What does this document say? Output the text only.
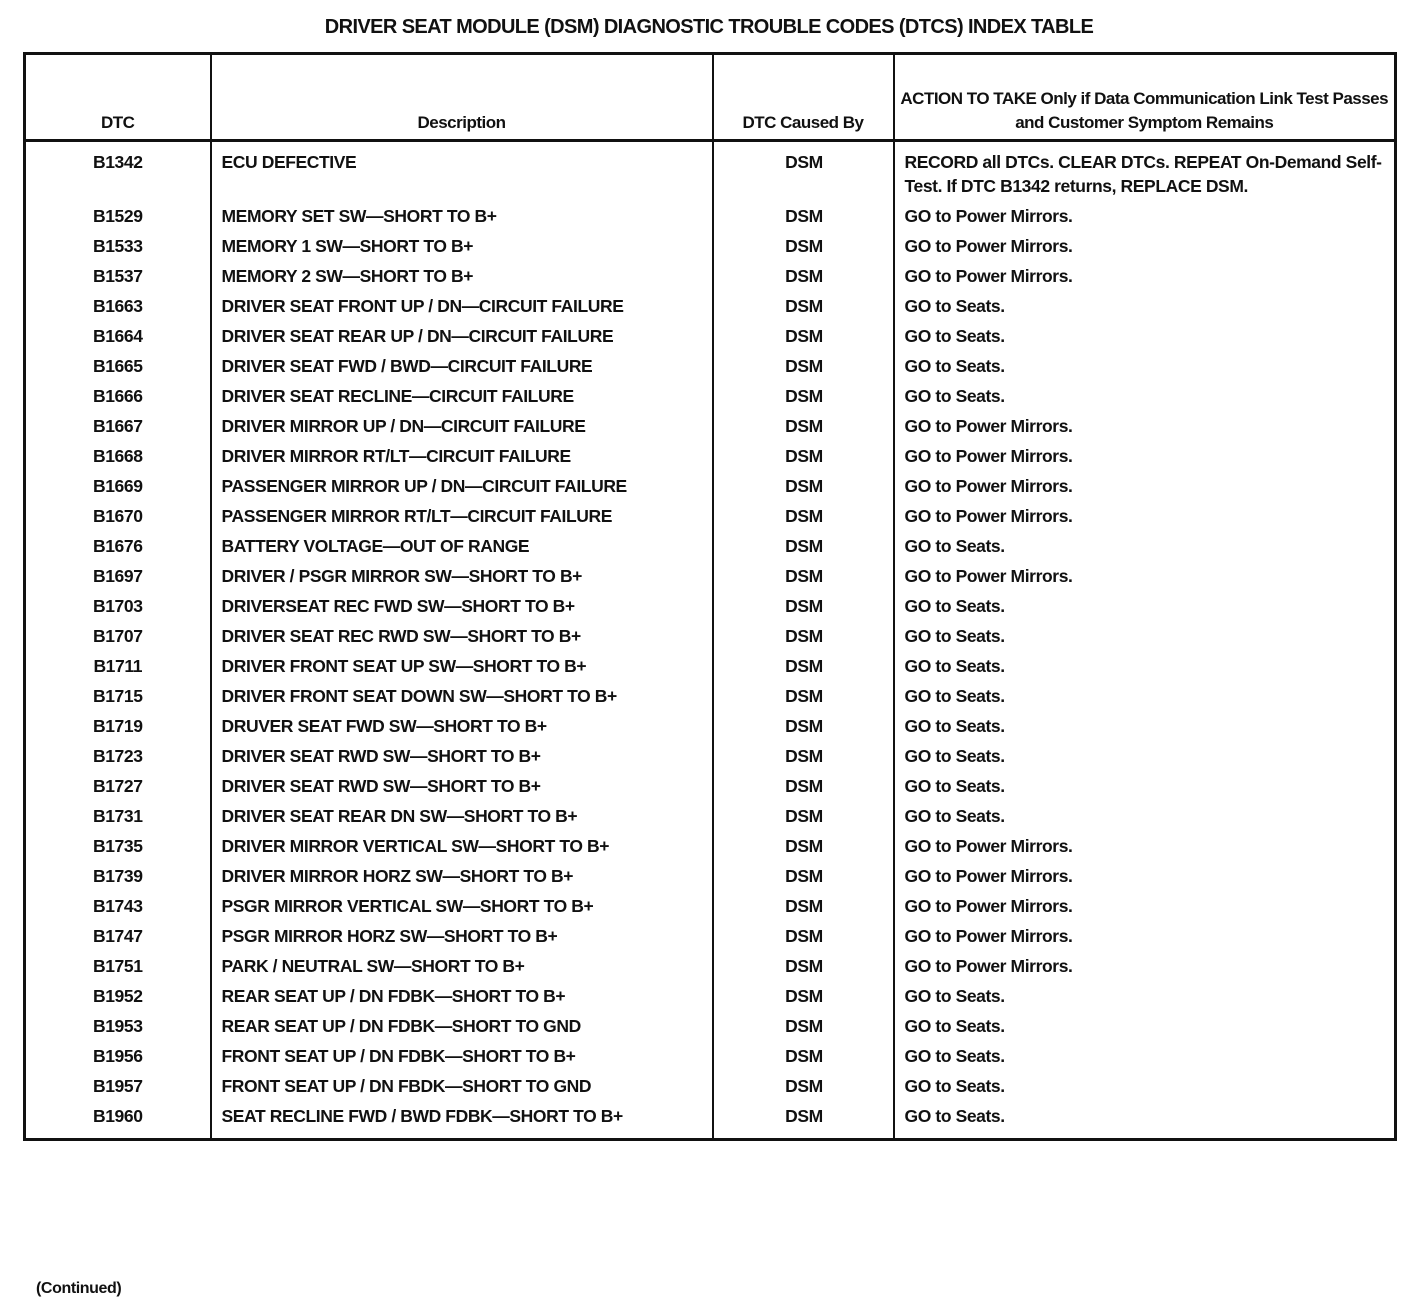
DRIVER SEAT MODULE (DSM) DIAGNOSTIC TROUBLE CODES (DTCS) INDEX TABLE
DTC	Description	DTC Caused By	ACTION TO TAKE Only if Data Communication Link Test Passes and Customer Symptom Remains
B1342	ECU DEFECTIVE	DSM	RECORD all DTCs. CLEAR DTCs. REPEAT On-Demand Self-Test. If DTC B1342 returns, REPLACE DSM.
B1529	MEMORY SET SW—SHORT TO B+	DSM	GO to Power Mirrors.
B1533	MEMORY 1 SW—SHORT TO B+	DSM	GO to Power Mirrors.
B1537	MEMORY 2 SW—SHORT TO B+	DSM	GO to Power Mirrors.
B1663	DRIVER SEAT FRONT UP / DN—CIRCUIT FAILURE	DSM	GO to Seats.
B1664	DRIVER SEAT REAR UP / DN—CIRCUIT FAILURE	DSM	GO to Seats.
B1665	DRIVER SEAT FWD / BWD—CIRCUIT FAILURE	DSM	GO to Seats.
B1666	DRIVER SEAT RECLINE—CIRCUIT FAILURE	DSM	GO to Seats.
B1667	DRIVER MIRROR UP / DN—CIRCUIT FAILURE	DSM	GO to Power Mirrors.
B1668	DRIVER MIRROR RT/LT—CIRCUIT FAILURE	DSM	GO to Power Mirrors.
B1669	PASSENGER MIRROR UP / DN—CIRCUIT FAILURE	DSM	GO to Power Mirrors.
B1670	PASSENGER MIRROR RT/LT—CIRCUIT FAILURE	DSM	GO to Power Mirrors.
B1676	BATTERY VOLTAGE—OUT OF RANGE	DSM	GO to Seats.
B1697	DRIVER / PSGR MIRROR SW—SHORT TO B+	DSM	GO to Power Mirrors.
B1703	DRIVERSEAT REC FWD SW—SHORT TO B+	DSM	GO to Seats.
B1707	DRIVER SEAT REC RWD SW—SHORT TO B+	DSM	GO to Seats.
B1711	DRIVER FRONT SEAT UP SW—SHORT TO B+	DSM	GO to Seats.
B1715	DRIVER FRONT SEAT DOWN SW—SHORT TO B+	DSM	GO to Seats.
B1719	DRUVER SEAT FWD SW—SHORT TO B+	DSM	GO to Seats.
B1723	DRIVER SEAT RWD SW—SHORT TO B+	DSM	GO to Seats.
B1727	DRIVER SEAT RWD SW—SHORT TO B+	DSM	GO to Seats.
B1731	DRIVER SEAT REAR DN SW—SHORT TO B+	DSM	GO to Seats.
B1735	DRIVER MIRROR VERTICAL SW—SHORT TO B+	DSM	GO to Power Mirrors.
B1739	DRIVER MIRROR HORZ SW—SHORT TO B+	DSM	GO to Power Mirrors.
B1743	PSGR MIRROR VERTICAL SW—SHORT TO B+	DSM	GO to Power Mirrors.
B1747	PSGR MIRROR HORZ SW—SHORT TO B+	DSM	GO to Power Mirrors.
B1751	PARK / NEUTRAL SW—SHORT TO B+	DSM	GO to Power Mirrors.
B1952	REAR SEAT UP / DN FDBK—SHORT TO B+	DSM	GO to Seats.
B1953	REAR SEAT UP / DN FDBK—SHORT TO GND	DSM	GO to Seats.
B1956	FRONT SEAT UP / DN FDBK—SHORT TO B+	DSM	GO to Seats.
B1957	FRONT SEAT UP / DN FBDK—SHORT TO GND	DSM	GO to Seats.
B1960	SEAT RECLINE FWD / BWD FDBK—SHORT TO B+	DSM	GO to Seats.
(Continued)
